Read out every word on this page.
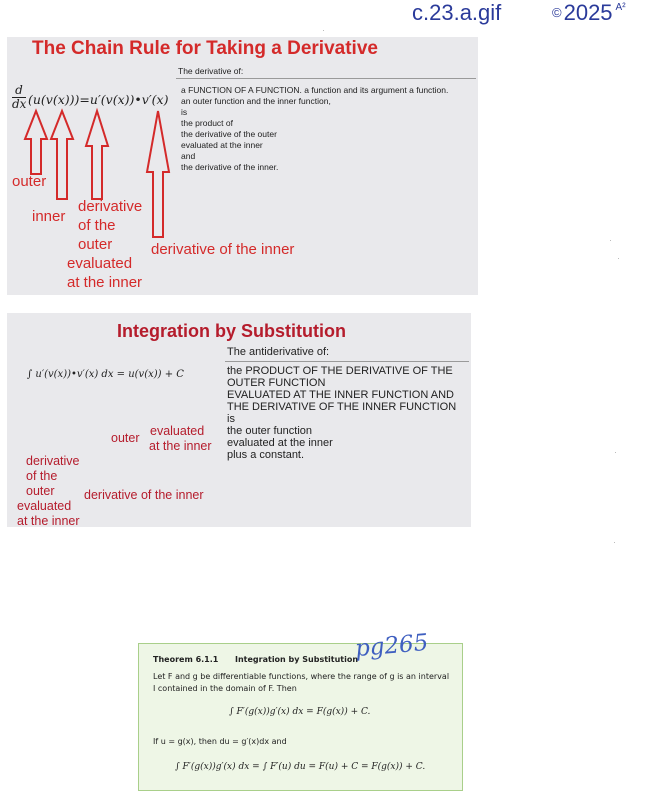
c.23.a.gif	©2025 $^{A^2}$
The Chain Rule for Taking a Derivative
The derivative of:
d
dx (u(v(x)))=u′(v(x))•v′(x)
a FUNCTION OF A FUNCTION. a function and its argument a function.
an outer function and the inner function,
is
the product of
the derivative of the outer
evaluated at the inner
and
the derivative of the inner.
outer
inner
derivative
of the
outer
evaluated
at the inner
derivative of the inner
Integration by Substitution
The antiderivative of:
∫ u′(v(x))•v′(x) dx = u(v(x)) + C	the PRODUCT OF THE DERIVATIVE OF THE
OUTER FUNCTION
EVALUATED AT THE INNER FUNCTION AND
THE DERIVATIVE OF THE INNER FUNCTION
is
the outer function
evaluated at the inner
plus a constant.
outer evaluated
at the inner
derivative
of the
outer
evaluated
at the inner
derivative of the inner
Theorem 6.1.1 Integration by Substitution
Let F and g be differentiable functions, where the range of g is an interval
I contained in the domain of F. Then
∫ F′(g(x))g′(x) dx = F(g(x)) + C.
If u = g(x), then du = g′(x)dx and
∫ F′(g(x))g′(x) dx = ∫ F′(u) du = F(u) + C = F(g(x)) + C.
pg265
